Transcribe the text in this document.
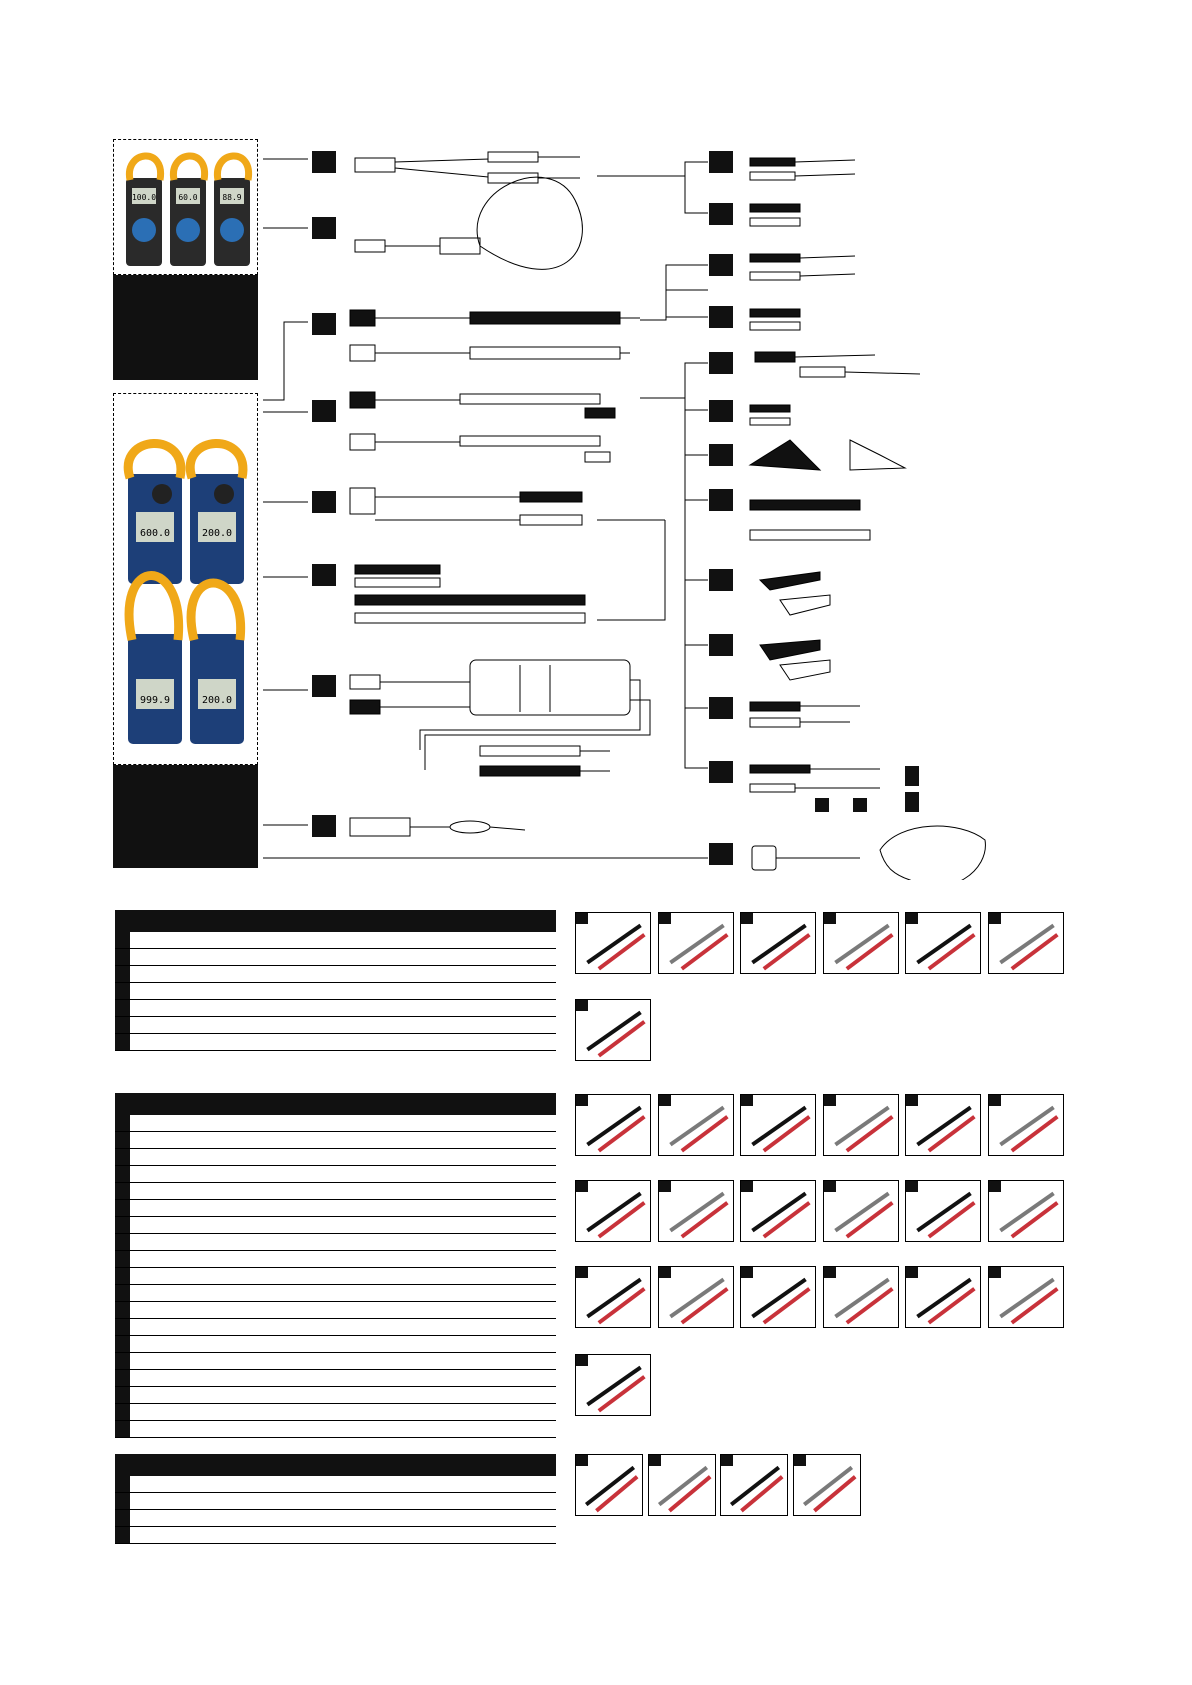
100.0	60.0	88.9
600.0	200.0
999.9	200.0
